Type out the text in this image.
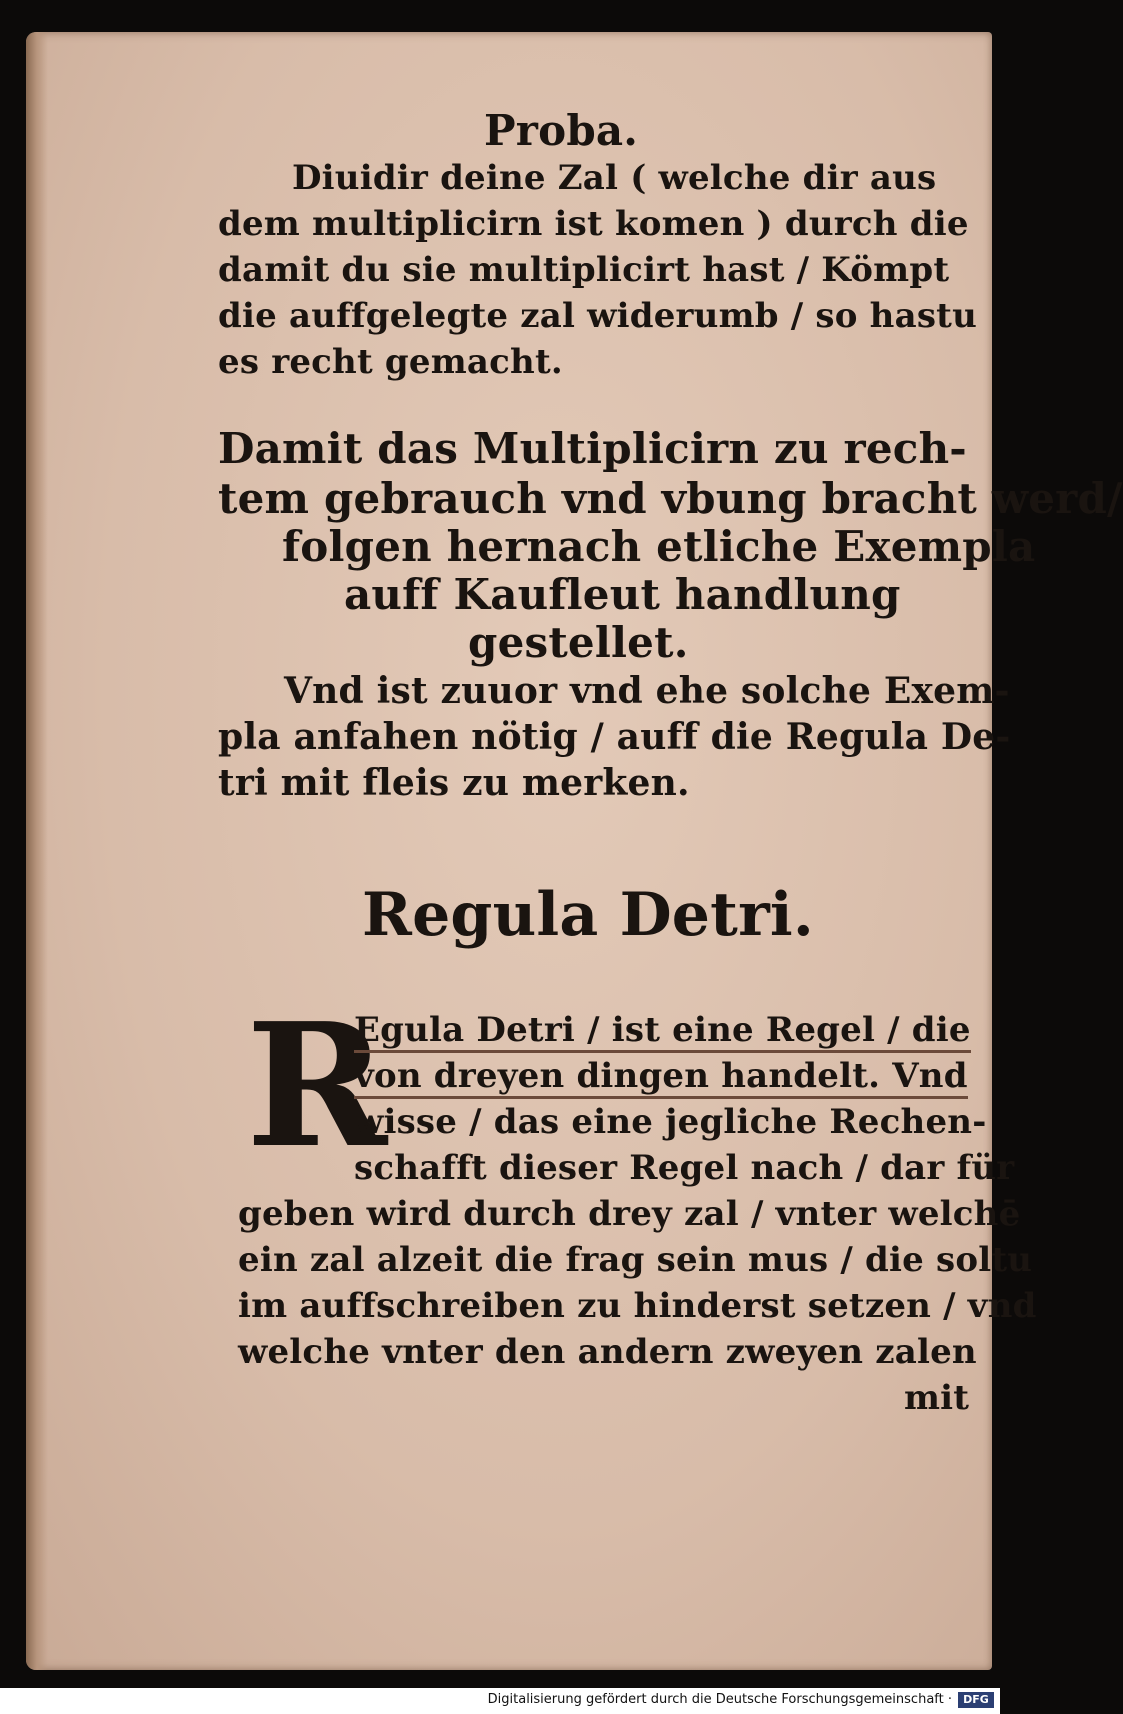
Proba.
Diuidir deine Zal ( welche dir aus
dem multiplicirn ist komen ) durch die
damit du sie multiplicirt hast / Kömpt
die auffgelegte zal widerumb / so hastu
es recht gemacht.
Damit das Multiplicirn zu rech-
tem gebrauch vnd vbung bracht werd/
folgen hernach etliche Exempla
auff Kaufleut handlung
gestellet.
Vnd ist zuuor vnd ehe solche Exem-
pla anfahen nötig / auff die Regula De-
tri mit fleis zu merken.
Regula Detri.
R
Egula Detri / ist eine Regel / die
von dreyen dingen handelt. Vnd
wisse / das eine jegliche Rechen-
schafft dieser Regel nach / dar für
geben wird durch drey zal / vnter welchē
ein zal alzeit die frag sein mus / die soltu
im auffschreiben zu hinderst setzen / vnd
welche vnter den andern zweyen zalen
mit
Digitalisierung gefördert durch die Deutsche Forschungsgemeinschaft ·	DFG
